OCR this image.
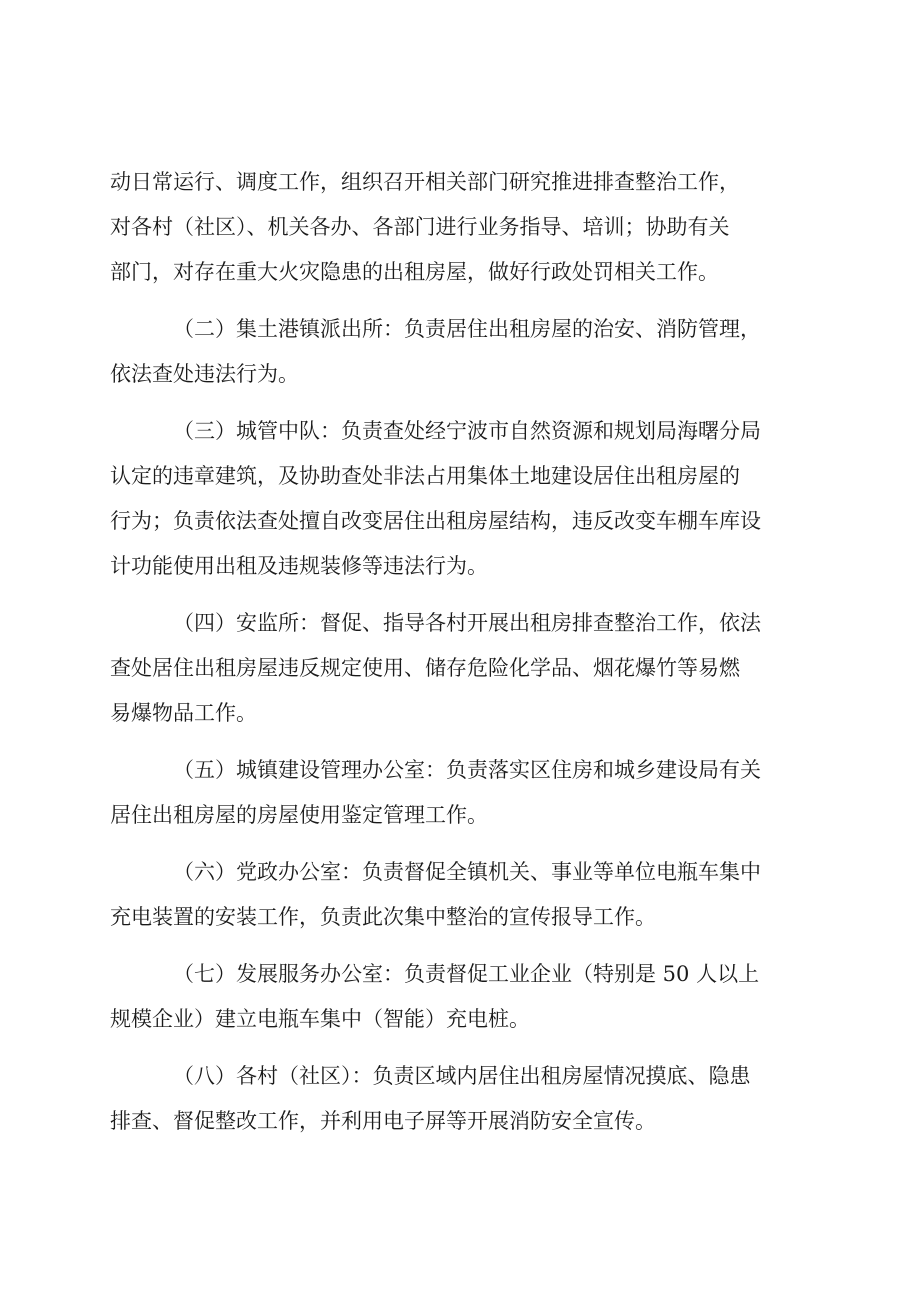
动日常运行、调度工作，组织召开相关部门研究推进排查整治工作，
对各村（社区）、机关各办、各部门进行业务指导、培训；协助有关
部门，对存在重大火灾隐患的出租房屋，做好行政处罚相关工作。
（二）集土港镇派出所：负责居住出租房屋的治安、消防管理，
依法查处违法行为。
（三）城管中队：负责查处经宁波市自然资源和规划局海曙分局
认定的违章建筑，及协助查处非法占用集体土地建设居住出租房屋的
行为；负责依法查处擅自改变居住出租房屋结构，违反改变车棚车库设
计功能使用出租及违规装修等违法行为。
（四）安监所：督促、指导各村开展出租房排查整治工作，依法
查处居住出租房屋违反规定使用、储存危险化学品、烟花爆竹等易燃
易爆物品工作。
（五）城镇建设管理办公室：负责落实区住房和城乡建设局有关
居住出租房屋的房屋使用鉴定管理工作。
（六）党政办公室：负责督促全镇机关、事业等单位电瓶车集中
充电装置的安装工作，负责此次集中整治的宣传报导工作。
（七）发展服务办公室：负责督促工业企业（特别是 50 人以上
规模企业）建立电瓶车集中（智能）充电桩。
（八）各村（社区）：负责区域内居住出租房屋情况摸底、隐患
排查、督促整改工作，并利用电子屏等开展消防安全宣传。
